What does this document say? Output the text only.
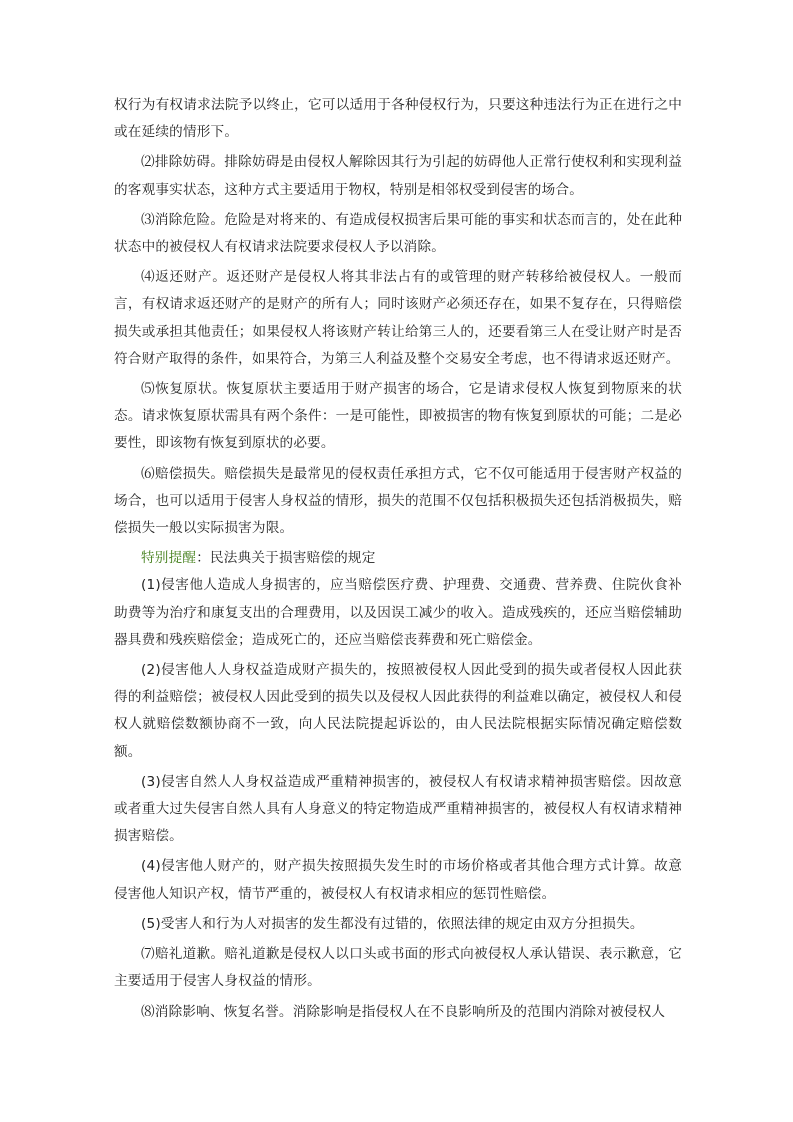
权行为有权请求法院予以终止，它可以适用于各种侵权行为，只要这种违法行为正在进行之中或在延续的情形下。

⑵排除妨碍。排除妨碍是由侵权人解除因其行为引起的妨碍他人正常行使权利和实现利益的客观事实状态，这种方式主要适用于物权，特别是相邻权受到侵害的场合。

⑶消除危险。危险是对将来的、有造成侵权损害后果可能的事实和状态而言的，处在此种状态中的被侵权人有权请求法院要求侵权人予以消除。

⑷返还财产。返还财产是侵权人将其非法占有的或管理的财产转移给被侵权人。一般而言，有权请求返还财产的是财产的所有人；同时该财产必须还存在，如果不复存在，只得赔偿损失或承担其他责任；如果侵权人将该财产转让给第三人的，还要看第三人在受让财产时是否符合财产取得的条件，如果符合，为第三人利益及整个交易安全考虑，也不得请求返还财产。

⑸恢复原状。恢复原状主要适用于财产损害的场合，它是请求侵权人恢复到物原来的状态。请求恢复原状需具有两个条件：一是可能性，即被损害的物有恢复到原状的可能；二是必要性，即该物有恢复到原状的必要。

⑹赔偿损失。赔偿损失是最常见的侵权责任承担方式，它不仅可能适用于侵害财产权益的场合，也可以适用于侵害人身权益的情形，损失的范围不仅包括积极损失还包括消极损失，赔偿损失一般以实际损害为限。

特别提醒：民法典关于损害赔偿的规定

(1)侵害他人造成人身损害的，应当赔偿医疗费、护理费、交通费、营养费、住院伙食补助费等为治疗和康复支出的合理费用，以及因误工减少的收入。造成残疾的，还应当赔偿辅助器具费和残疾赔偿金；造成死亡的，还应当赔偿丧葬费和死亡赔偿金。

(2)侵害他人人身权益造成财产损失的，按照被侵权人因此受到的损失或者侵权人因此获得的利益赔偿；被侵权人因此受到的损失以及侵权人因此获得的利益难以确定，被侵权人和侵权人就赔偿数额协商不一致，向人民法院提起诉讼的，由人民法院根据实际情况确定赔偿数额。

(3)侵害自然人人身权益造成严重精神损害的，被侵权人有权请求精神损害赔偿。因故意或者重大过失侵害自然人具有人身意义的特定物造成严重精神损害的，被侵权人有权请求精神损害赔偿。

(4)侵害他人财产的，财产损失按照损失发生时的市场价格或者其他合理方式计算。故意侵害他人知识产权，情节严重的，被侵权人有权请求相应的惩罚性赔偿。

(5)受害人和行为人对损害的发生都没有过错的，依照法律的规定由双方分担损失。

⑺赔礼道歉。赔礼道歉是侵权人以口头或书面的形式向被侵权人承认错误、表示歉意，它主要适用于侵害人身权益的情形。

⑻消除影响、恢复名誉。消除影响是指侵权人在不良影响所及的范围内消除对被侵权人
